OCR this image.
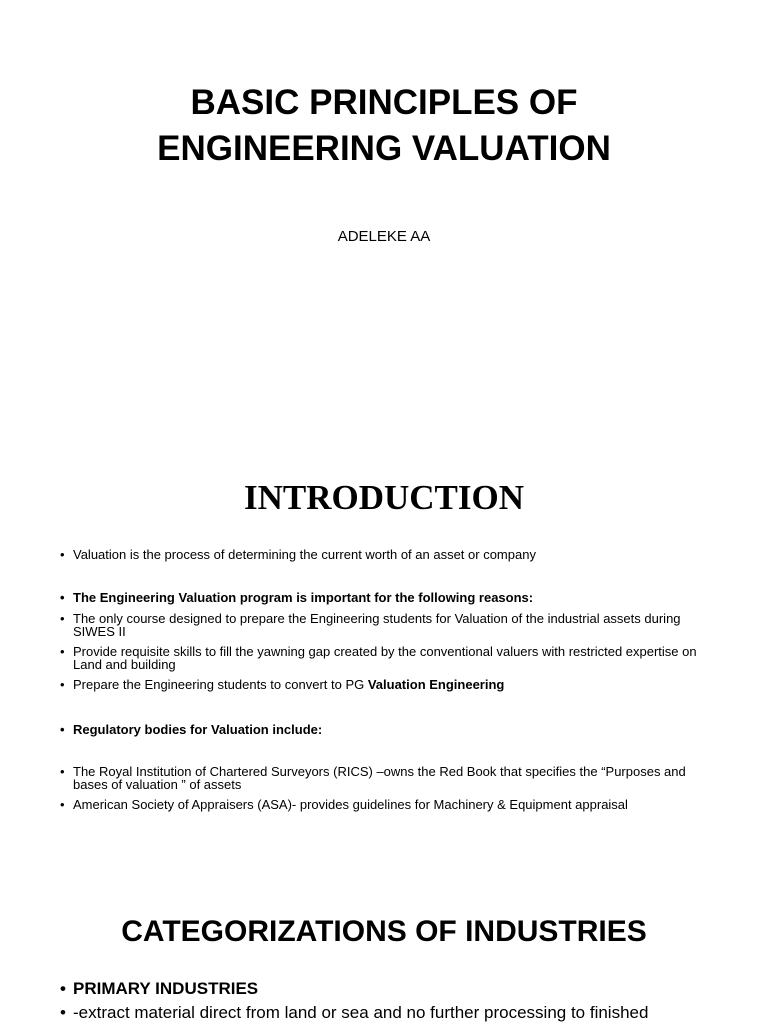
BASIC PRINCIPLES OF
ENGINEERING VALUATION

ADELEKE AA

INTRODUCTION
• Valuation is the process of determining the current worth of an asset or company
• The Engineering Valuation program is important for the following reasons:
• The only course designed to prepare the Engineering students for Valuation of the industrial assets during SIWES II
• Provide requisite skills to fill the yawning gap created by the conventional valuers with restricted expertise on Land and building
• Prepare the Engineering students to convert to PG Valuation Engineering
• Regulatory bodies for Valuation include:
• The Royal Institution of Chartered Surveyors (RICS) –owns the Red Book that specifies the “Purposes and bases of valuation ” of assets
• American Society of Appraisers (ASA)- provides guidelines for Machinery & Equipment appraisal
CATEGORIZATIONS OF INDUSTRIES
• PRIMARY INDUSTRIES
• -extract material direct from land or sea and no further processing to finished
